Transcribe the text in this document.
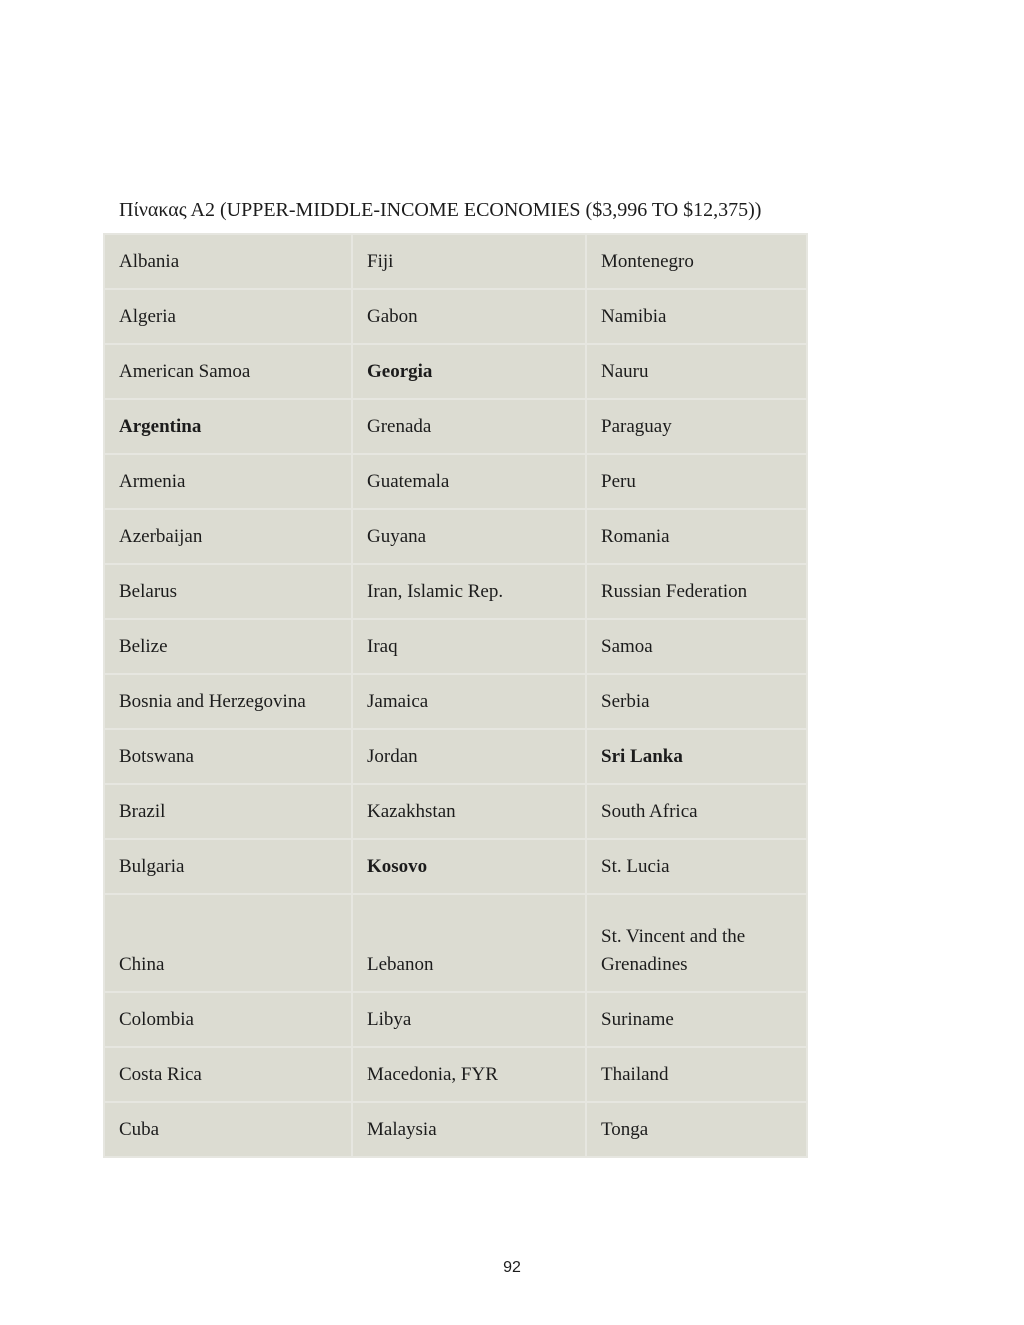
Πίνακας Α2 (UPPER-MIDDLE-INCOME ECONOMIES ($3,996 TO $12,375))
Albania	Fiji	Montenegro
Algeria	Gabon	Namibia
American Samoa	Georgia	Nauru
Argentina	Grenada	Paraguay
Armenia	Guatemala	Peru
Azerbaijan	Guyana	Romania
Belarus	Iran, Islamic Rep.	Russian Federation
Belize	Iraq	Samoa
Bosnia and Herzegovina	Jamaica	Serbia
Botswana	Jordan	Sri Lanka
Brazil	Kazakhstan	South Africa
Bulgaria	Kosovo	St. Lucia
China	Lebanon	St. Vincent and the Grenadines
Colombia	Libya	Suriname
Costa Rica	Macedonia, FYR	Thailand
Cuba	Malaysia	Tonga
92
